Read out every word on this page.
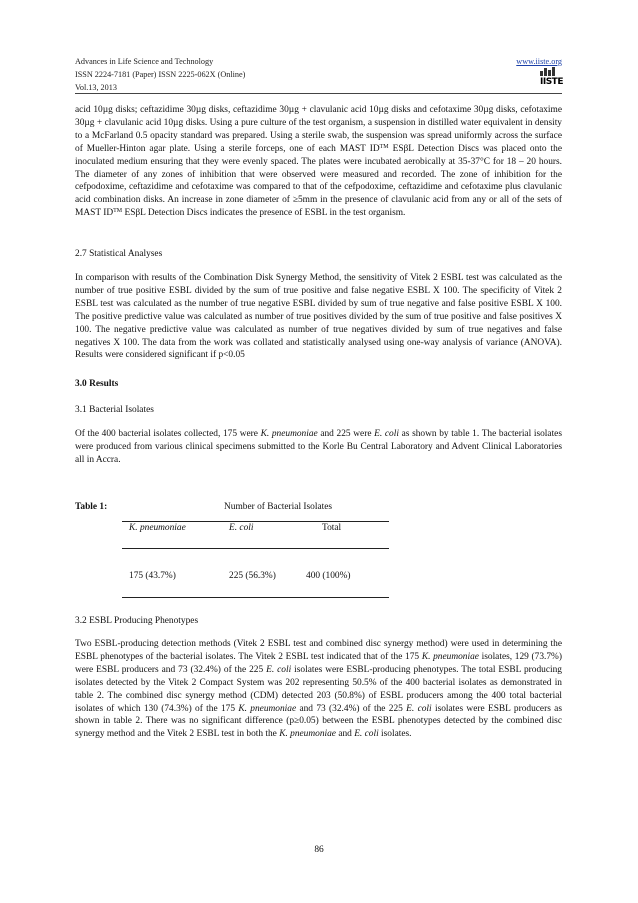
Advances in Life Science and Technology
ISSN 2224-7181 (Paper) ISSN 2225-062X (Online)
Vol.13, 2013
www.iiste.org
IISTE

acid 10µg disks; ceftazidime 30µg disks, ceftazidime 30µg + clavulanic acid 10µg disks and cefotaxime 30µg disks, cefotaxime 30µg + clavulanic acid 10µg disks. Using a pure culture of the test organism, a suspension in distilled water equivalent in density to a McFarland 0.5 opacity standard was prepared. Using a sterile swab, the suspension was spread uniformly across the surface of Mueller-Hinton agar plate. Using a sterile forceps, one of each MAST ID™ ESβL Detection Discs was placed onto the inoculated medium ensuring that they were evenly spaced. The plates were incubated aerobically at 35-37°C for 18 – 20 hours. The diameter of any zones of inhibition that were observed were measured and recorded. The zone of inhibition for the cefpodoxime, ceftazidime and cefotaxime was compared to that of the cefpodoxime, ceftazidime and cefotaxime plus clavulanic acid combination disks. An increase in zone diameter of ≥5mm in the presence of clavulanic acid from any or all of the sets of MAST ID™ ESβL Detection Discs indicates the presence of ESBL in the test organism.

2.7 Statistical Analyses
In comparison with results of the Combination Disk Synergy Method, the sensitivity of Vitek 2 ESBL test was calculated as the number of true positive ESBL divided by the sum of true positive and false negative ESBL X 100. The specificity of Vitek 2 ESBL test was calculated as the number of true negative ESBL divided by sum of true negative and false positive ESBL X 100. The positive predictive value was calculated as number of true positives divided by the sum of true positive and false positives X 100. The negative predictive value was calculated as number of true negatives divided by sum of true negatives and false negatives X 100. The data from the work was collated and statistically analysed using one-way analysis of variance (ANOVA). Results were considered significant if p<0.05
3.0 Results
3.1 Bacterial Isolates

Of the 400 bacterial isolates collected, 175 were K. pneumoniae and 225 were E. coli as shown by table 1. The bacterial isolates were produced from various clinical specimens submitted to the Korle Bu Central Laboratory and Advent Clinical Laboratories all in Accra.

Table 1:	Number of Bacterial Isolates
K. pneumoniae	E. coli	Total
175 (43.7%)	225 (56.3%)	400 (100%)
3.2 ESBL Producing Phenotypes

Two ESBL-producing detection methods (Vitek 2 ESBL test and combined disc synergy method) were used in determining the ESBL phenotypes of the bacterial isolates. The Vitek 2 ESBL test indicated that of the 175 K. pneumoniae isolates, 129 (73.7%) were ESBL producers and 73 (32.4%) of the 225 E. coli isolates were ESBL-producing phenotypes. The total ESBL producing isolates detected by the Vitek 2 Compact System was 202 representing 50.5% of the 400 bacterial isolates as demonstrated in table 2. The combined disc synergy method (CDM) detected 203 (50.8%) of ESBL producers among the 400 total bacterial isolates of which 130 (74.3%) of the 175 K. pneumoniae and 73 (32.4%) of the 225 E. coli isolates were ESBL producers as shown in table 2. There was no significant difference (p≥0.05) between the ESBL phenotypes detected by the combined disc synergy method and the Vitek 2 ESBL test in both the K. pneumoniae and E. coli isolates.

86
